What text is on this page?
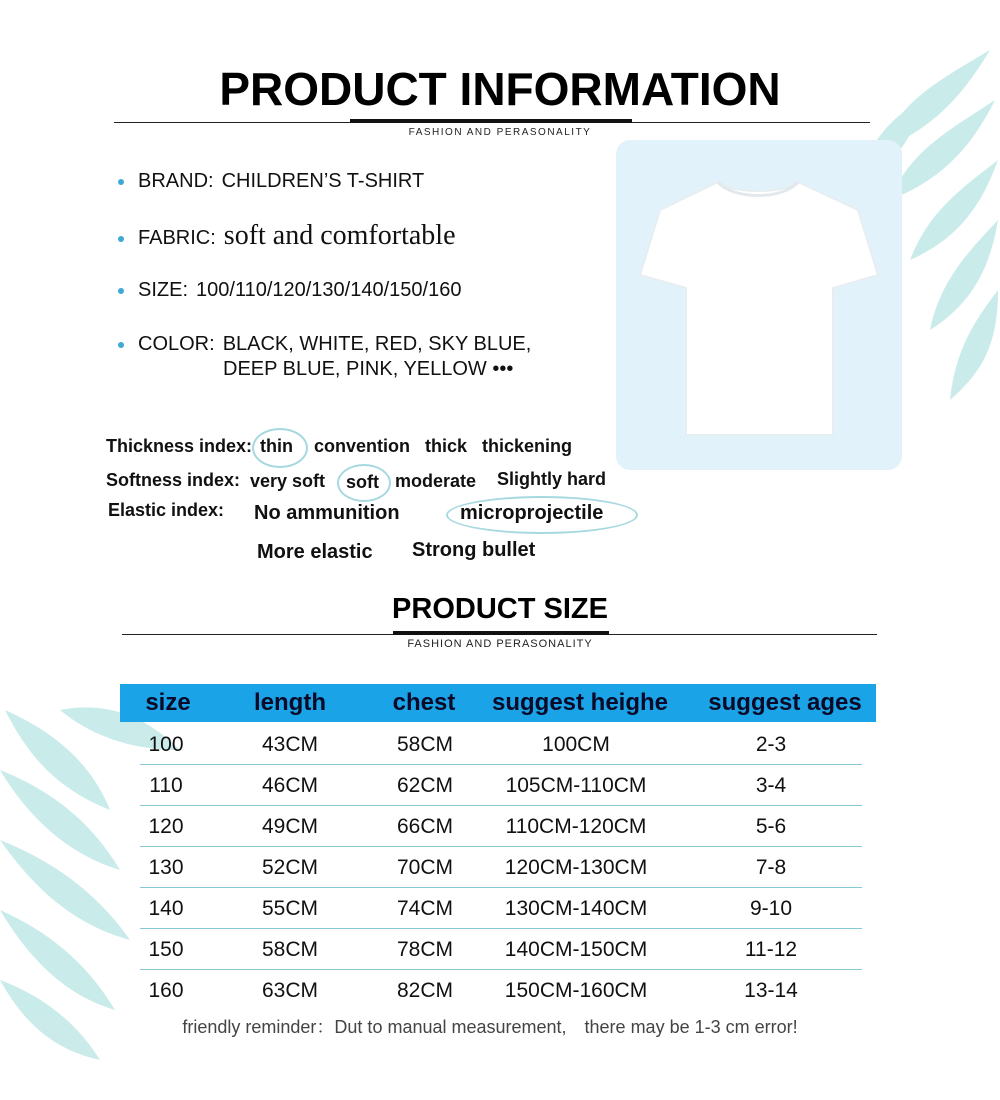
PRODUCT INFORMATION
FASHION AND PERASONALITY
BRAND: CHILDREN’S T-SHIRT
FABRIC: soft and comfortable
SIZE: 100/110/120/130/140/150/160
COLOR: BLACK, WHITE, RED, SKY BLUE,
DEEP BLUE, PINK, YELLOW •••
Thickness index: thin convention thick thickening
Softness index: very soft soft moderate Slightly hard
Elastic index: No ammunition	microprojectile
More elastic Strong bullet
PRODUCT SIZE
FASHION AND PERASONALITY
size	length	chest	suggest heighe	suggest ages
100	43CM	58CM	100CM	2-3
110	46CM	62CM	105CM-110CM	3-4
120	49CM	66CM	110CM-120CM	5-6
130	52CM	70CM	120CM-130CM	7-8
140	55CM	74CM	130CM-140CM	9-10
150	58CM	78CM	140CM-150CM	11-12
160	63CM	82CM	150CM-160CM	13-14
friendly reminder：Dut to manual measurement,　there may be 1-3 cm error!
